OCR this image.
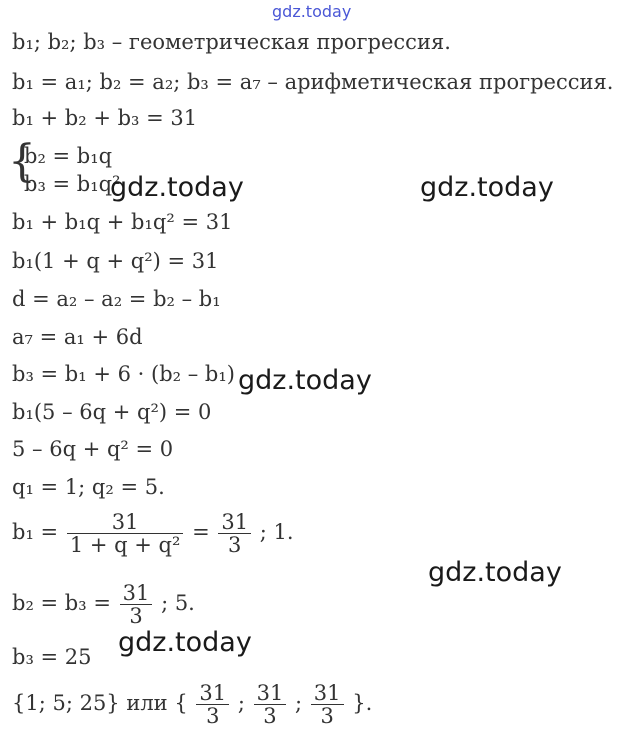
gdz.today
b₁; b₂; b₃ – геометрическая прогрессия.
b₁ = a₁; b₂ = a₂; b₃ = a₇ – арифметическая прогрессия.
b₁ + b₂ + b₃ = 31
{
b₂ = b₁q
b₃ = b₁q²
b₁ + b₁q + b₁q² = 31
b₁(1 + q + q²) = 31
d = a₂ – a₂ = b₂ – b₁
a₇ = a₁ + 6d
b₃ = b₁ + 6 · (b₂ – b₁)
b₁(5 – 6q + q²) = 0
5 – 6q + q² = 0
q₁ = 1; q₂ = 5.
$b_1 = \frac{31}{\text{1 + q + q²}} = \frac{31}{3}$ ; 1.
$b_2 = b_3 = \frac{31}{3}$ ; 5.
b₃ = 25
{1; 5; 25} или { $\frac{31}{3}$ ; $\frac{31}{3}$ ; $\frac{31}{3}$ }.
gdz.today	gdz.today
gdz.today
gdz.today
gdz.today
